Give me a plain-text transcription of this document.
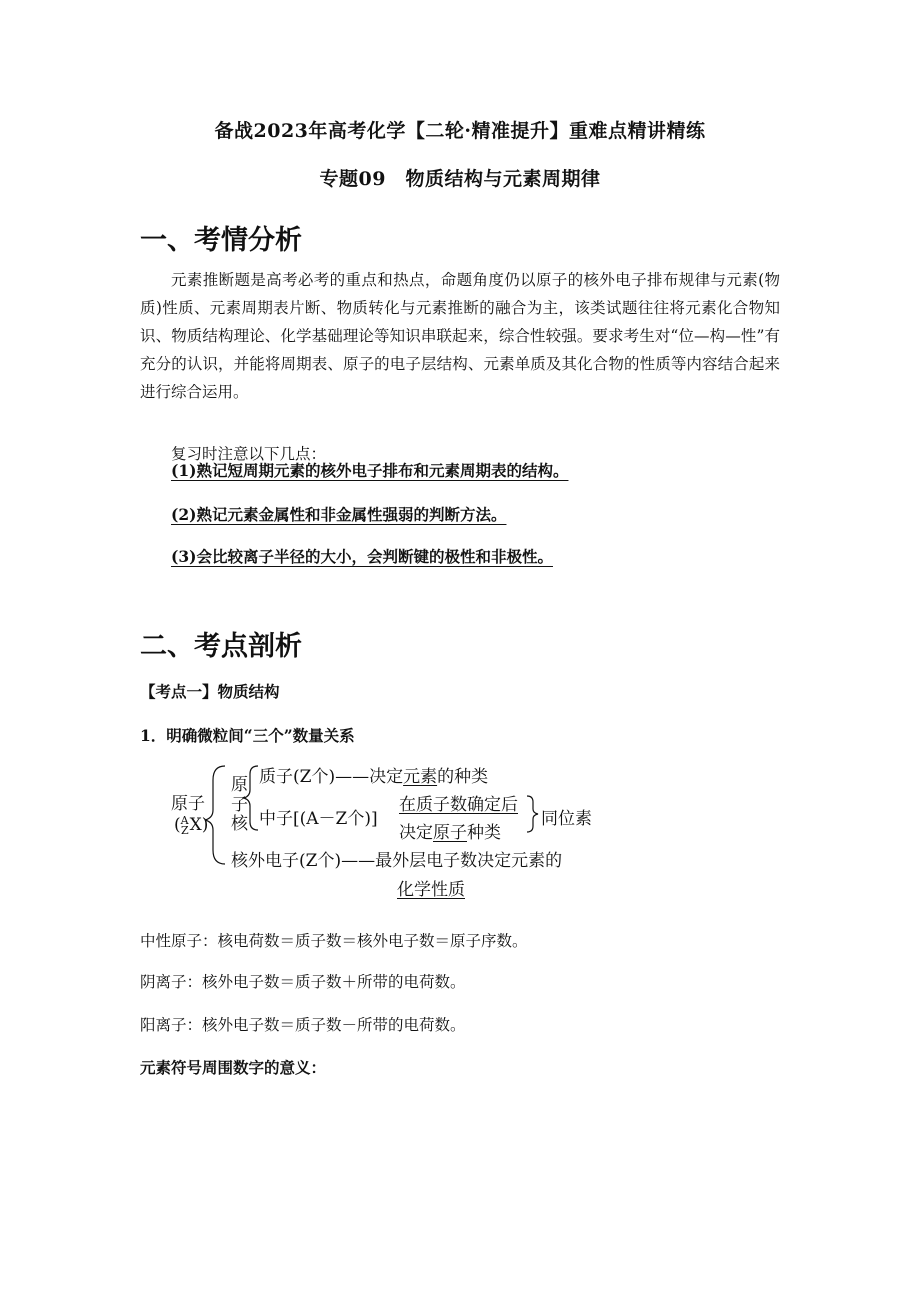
备战2023年高考化学【二轮·精准提升】重难点精讲精练
专题09　物质结构与元素周期律
一、考情分析

元素推断题是高考必考的重点和热点，命题角度仍以原子的核外电子排布规律与元素(物质)性质、元素周期表片断、物质转化与元素推断的融合为主，该类试题往往将元素化合物知识、物质结构理论、化学基础理论等知识串联起来，综合性较强。要求考生对“位—构—性”有充分的认识，并能将周期表、原子的电子层结构、元素单质及其化合物的性质等内容结合起来进行综合运用。

复习时注意以下几点：
(1)熟记短周期元素的核外电子排布和元素周期表的结构。
(2)熟记元素金属性和非金属性强弱的判断方法。
(3)会比较离子半径的大小，会判断键的极性和非极性。
二、考点剖析
【考点一】物质结构
1．明确微粒间“三个”数量关系
原子
( A
Z X)
原
子
核
质子(Z个)——决定元素的种类
中子[(A－Z个)]
在质子数确定后
决定原子种类
同位素
核外电子(Z个)——最外层电子数决定元素的
化学性质
中性原子：核电荷数＝质子数＝核外电子数＝原子序数。
阴离子：核外电子数＝质子数＋所带的电荷数。
阳离子：核外电子数＝质子数－所带的电荷数。
元素符号周围数字的意义：
